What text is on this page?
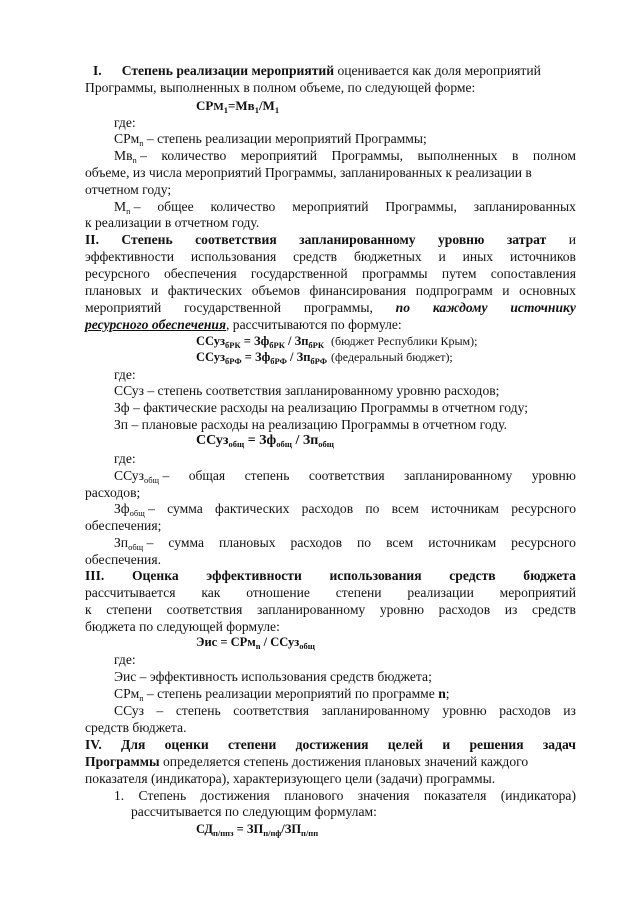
I. Степень реализации мероприятий оценивается как доля мероприятий
Программы, выполненных в полном объеме, по следующей форме:
$СРМ_1=Мв_1/М_1$
где:
СРм$_n$ – степень реализации мероприятий Программы;
$Мв_n$ – количество мероприятий Программы, выполненных в полном
объеме, из числа мероприятий Программы, запланированных к реализации в
отчетном году;
$М_n$ – общее количество мероприятий Программы, запланированных
к реализации в отчетном году.
II. Степень соответствия запланированному уровню затрат и
эффективности использования средств бюджетных и иных источников
ресурсного обеспечения государственной программы путем сопоставления
плановых и фактических объемов финансирования подпрограмм и основных
мероприятий государственной программы, по каждому источнику
ресурсного обеспечения, рассчитываются по формуле:
ССуз$_{бРК}$ = $Зф_{бРК} / Зп_{бРК}$ (бюджет Республики Крым);
ССуз$_{бРФ}$ = $Зф_{бРФ} / Зп_{бРФ}$ (федеральный бюджет);
где:
ССуз – степень соответствия запланированному уровню расходов;
Зф – фактические расходы на реализацию Программы в отчетном году;
Зп – плановые расходы на реализацию Программы в отчетном году.
ССуз$_{общ}$ = $Зф_{общ} / Зп_{общ}$
где:
ССуз$_{общ}$ – общая степень соответствия запланированному уровню
расходов;
$Зф_{общ}$ – сумма фактических расходов по всем источникам ресурсного
обеспечения;
$Зп_{общ}$ – сумма плановых расходов по всем источникам ресурсного
обеспечения.
III. Оценка эффективности использования средств бюджета
рассчитывается как отношение степени реализации мероприятий
к степени соответствия запланированному уровню расходов из средств
бюджета по следующей формуле:
Эис = СРм$_n$ / ССуз$_{общ}$
где:
Эис – эффективность использования средств бюджета;
СРм$_n$ – степень реализации мероприятий по программе n;
ССуз – степень соответствия запланированному уровню расходов из
средств бюджета.
IV. Для оценки степени достижения целей и решения задач
Программы определяется степень достижения плановых значений каждого
показателя (индикатора), характеризующего цели (задачи) программы.
1. Степень достижения планового значения показателя (индикатора)
рассчитывается по следующим формулам:
$СД_{п/ппз} = ЗП_{п/пф}/ЗП_{п/пп}$
